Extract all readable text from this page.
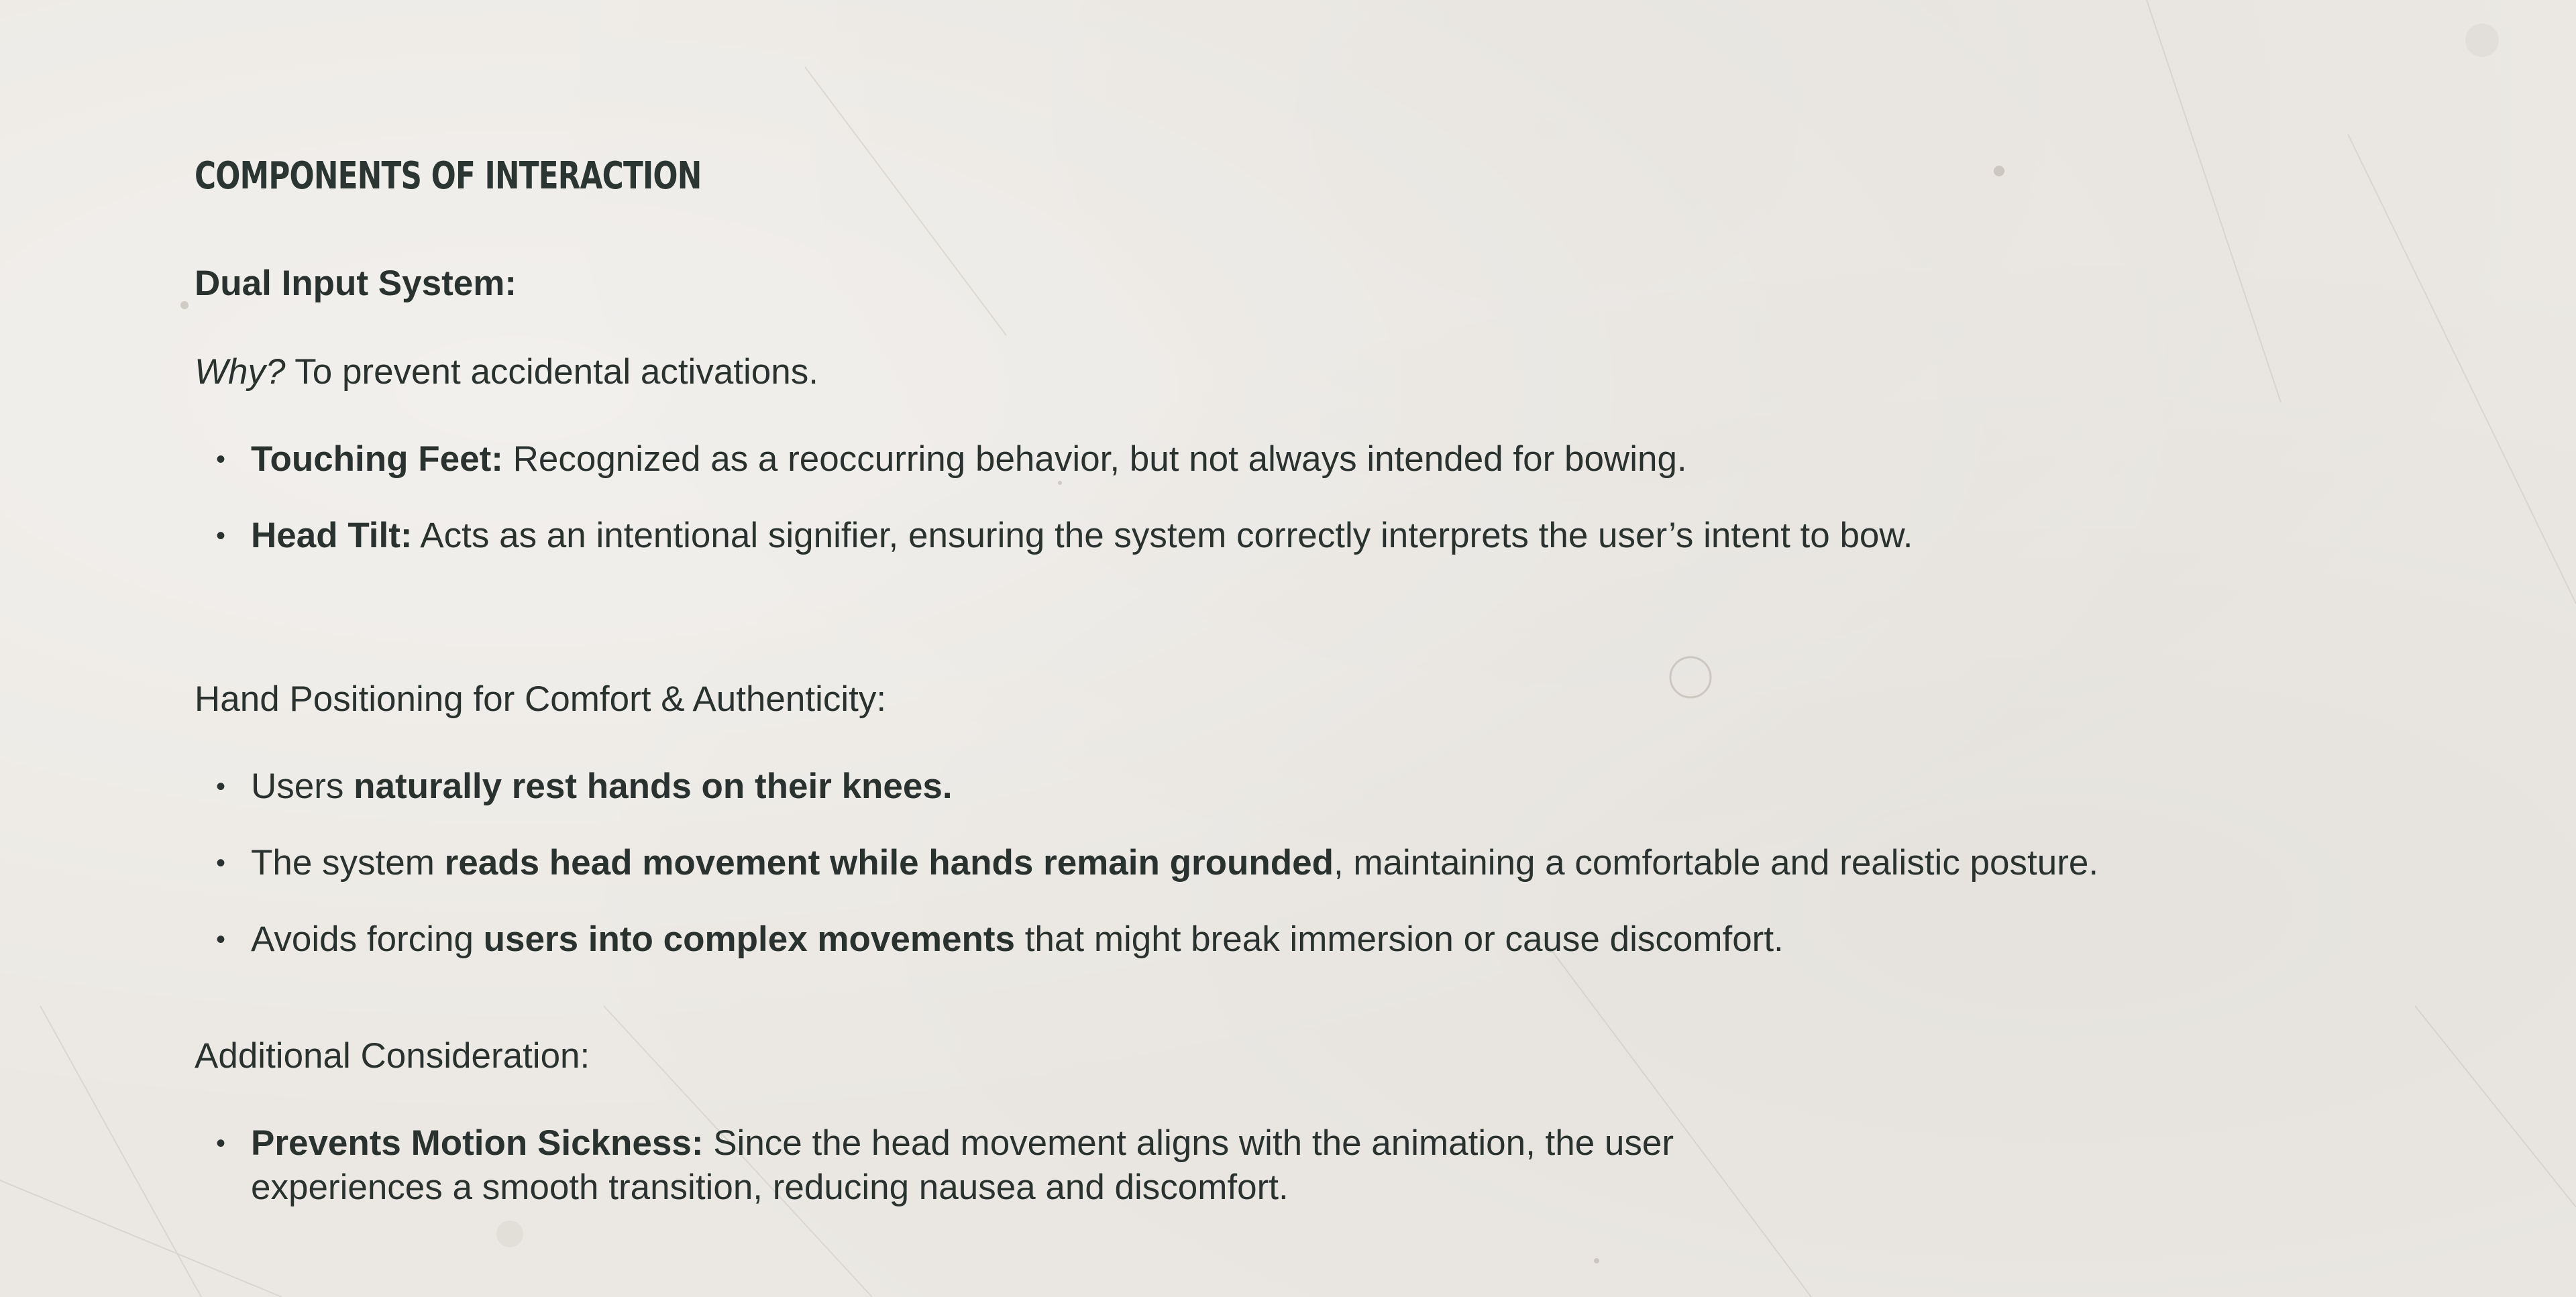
COMPONENTS OF INTERACTION

Dual Input System:

Why? To prevent accidental activations.

• Touching Feet: Recognized as a reoccurring behavior, but not always intended for bowing.
• Head Tilt: Acts as an intentional signifier, ensuring the system correctly interprets the user’s intent to bow.

Hand Positioning for Comfort & Authenticity:

• Users naturally rest hands on their knees.
• The system reads head movement while hands remain grounded, maintaining a comfortable and realistic posture.
• Avoids forcing users into complex movements that might break immersion or cause discomfort.

Additional Consideration:

• Prevents Motion Sickness: Since the head movement aligns with the animation, the user
experiences a smooth transition, reducing nausea and discomfort.
